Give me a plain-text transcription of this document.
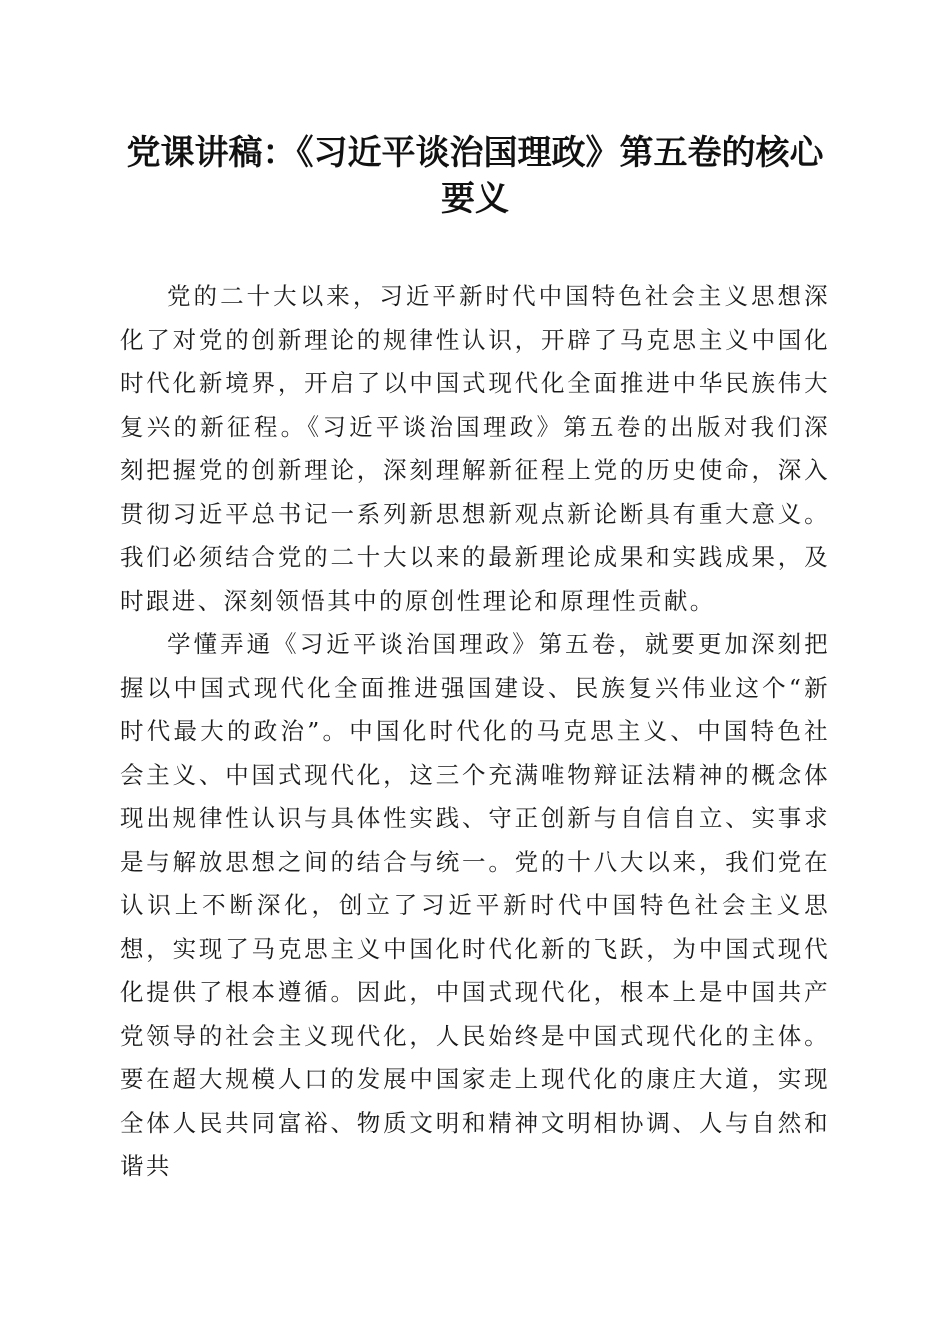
党课讲稿：《习近平谈治国理政》第五卷的核心要义

党的二十大以来，习近平新时代中国特色社会主义思想深化了对党的创新理论的规律性认识，开辟了马克思主义中国化时代化新境界，开启了以中国式现代化全面推进中华民族伟大复兴的新征程。《习近平谈治国理政》第五卷的出版对我们深刻把握党的创新理论，深刻理解新征程上党的历史使命，深入贯彻习近平总书记一系列新思想新观点新论断具有重大意义。我们必须结合党的二十大以来的最新理论成果和实践成果，及时跟进、深刻领悟其中的原创性理论和原理性贡献。

学懂弄通《习近平谈治国理政》第五卷，就要更加深刻把握以中国式现代化全面推进强国建设、民族复兴伟业这个“新时代最大的政治”。中国化时代化的马克思主义、中国特色社会主义、中国式现代化，这三个充满唯物辩证法精神的概念体现出规律性认识与具体性实践、守正创新与自信自立、实事求是与解放思想之间的结合与统一。党的十八大以来，我们党在认识上不断深化，创立了习近平新时代中国特色社会主义思想，实现了马克思主义中国化时代化新的飞跃，为中国式现代化提供了根本遵循。因此，中国式现代化，根本上是中国共产党领导的社会主义现代化，人民始终是中国式现代化的主体。要在超大规模人口的发展中国家走上现代化的康庄大道，实现全体人民共同富裕、物质文明和精神文明相协调、人与自然和谐共
